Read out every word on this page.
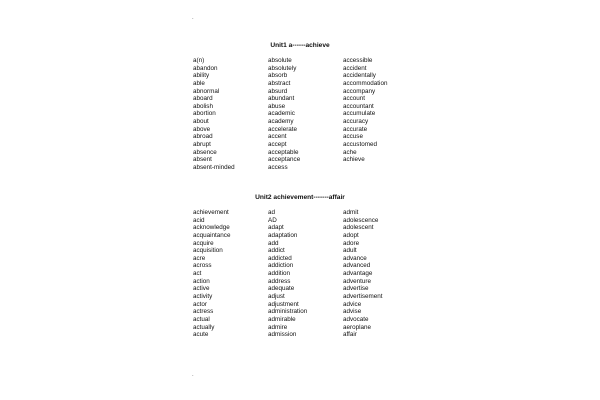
.
Unit1 a------achieve
a(n)
abandon
ability
able
abnormal
aboard
abolish
abortion
about
above
abroad
abrupt
absence
absent
absent-minded
absolute
absolutely
absorb
abstract
absurd
abundant
abuse
academic
academy
accelerate
accent
accept
acceptable
acceptance
access
accessible
accident
accidentally
accommodation
accompany
account
accountant
accumulate
accuracy
accurate
accuse
accustomed
ache
achieve
Unit2 achievement-------affair
achievement
acid
acknowledge
acquaintance
acquire
acquisition
acre
across
act
action
active
activity
actor
actress
actual
actually
acute
ad
AD
adapt
adaptation
add
addict
addicted
addiction
addition
address
adequate
adjust
adjustment
administration
admirable
admire
admission
admit
adolescence
adolescent
adopt
adore
adult
advance
advanced
advantage
adventure
advertise
advertisement
advice
advise
advocate
aeroplane
affair
.
